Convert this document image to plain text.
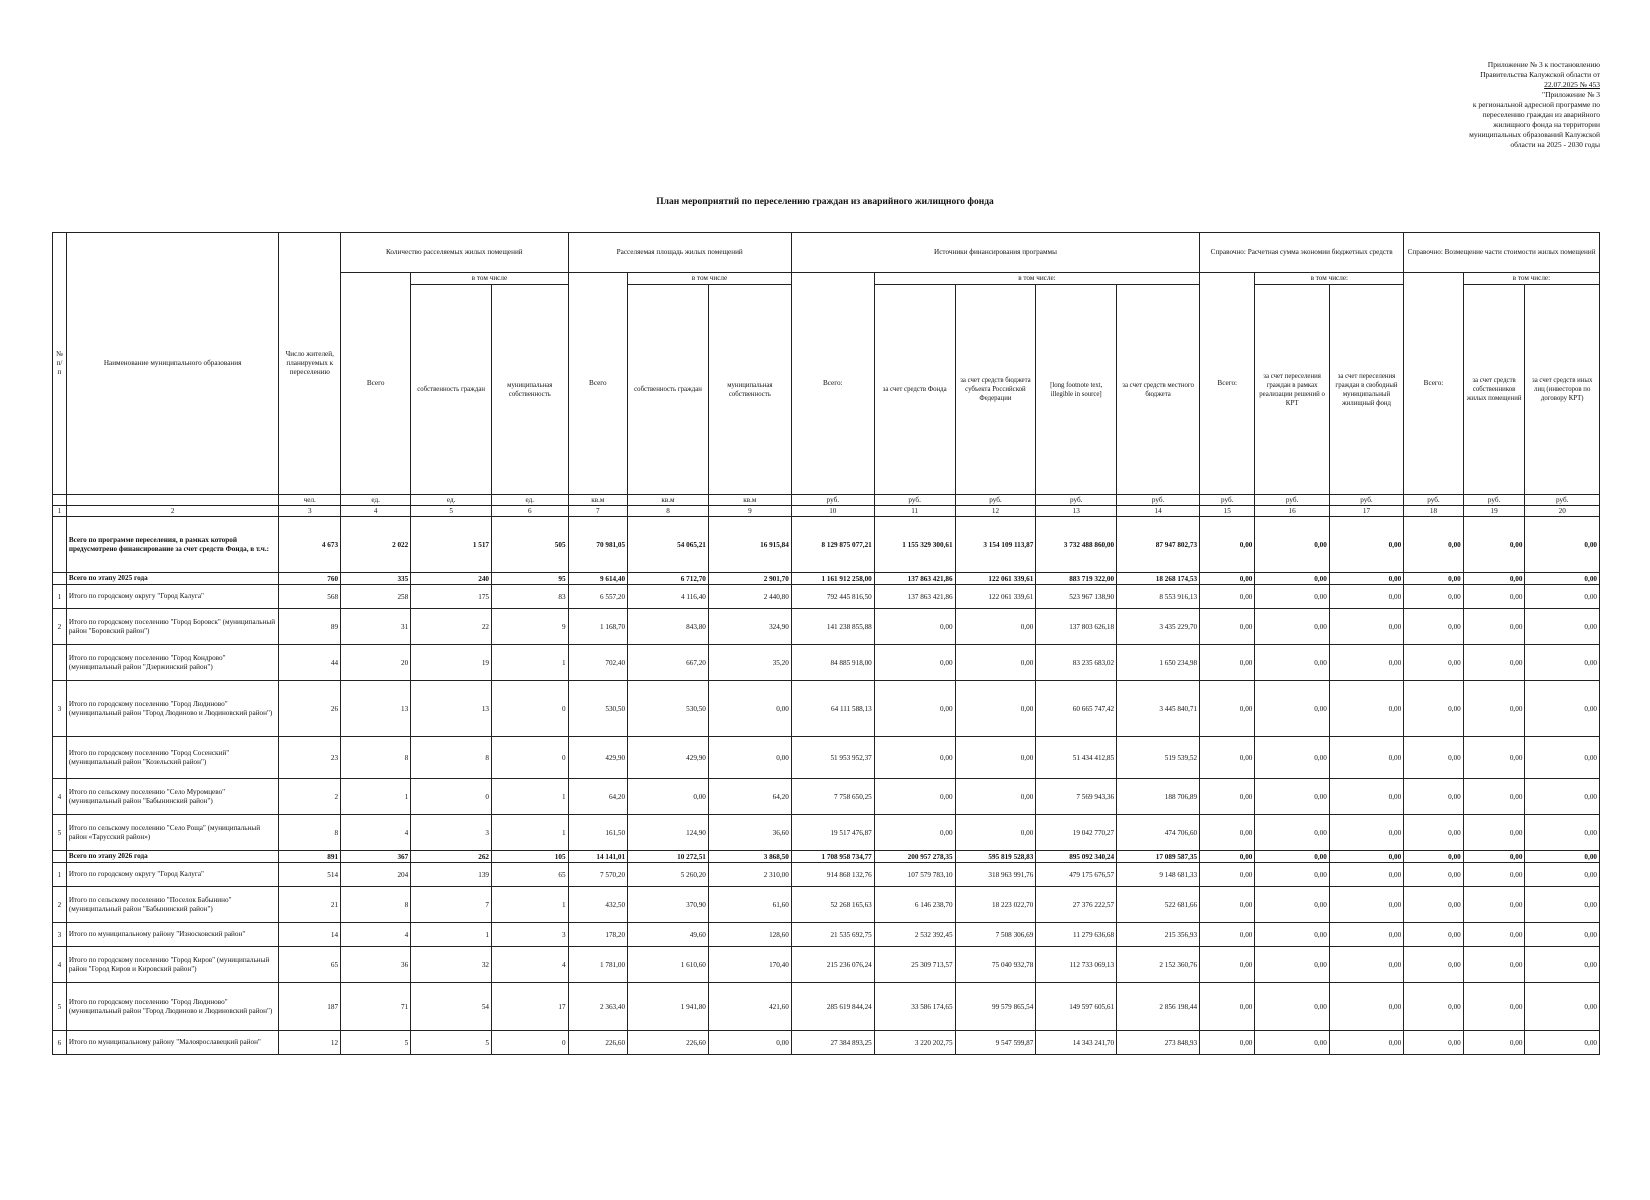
Приложение № 3 к постановлению
Правительства Калужской области от
22.07.2025 № 453
"Приложение № 3
к региональной адресной программе по
переселению граждан из аварийного
жилищного фонда на территории
муниципальных образований Калужской
области на 2025 - 2030 годы
План мероприятий по переселению граждан из аварийного жилищного фонда
№ п/п	Наименование муниципального образования	Число жителей, планируемых к переселению	Количество расселяемых жилых помещений			Расселяемая площадь жилых помещений			Источники финансирования программы					Справочно: Расчетная сумма экономии бюджетных средств			Справочно: Возмещение части стоимости жилых помещений		
			Всего	в том числе		Всего	в том числе		Всего:	в том числе:				Всего:	в том числе:		Всего:	в том числе:	
				собственность граждан	муниципальная собственность		собственность граждан	муниципальная собственность		за счет средств Фонда	за счет средств бюджета субъекта Российской Федерации	[long footnote text, illegible in source]	за счет средств местного бюджета		за счет переселения граждан в рамках реализации решений о КРТ	за счет переселения граждан в свободный муниципальный жилищный фонд		за счет средств собственников жилых помещений	за счет средств иных лиц (инвесторов по договору КРТ)
		чел.	ед.	ед.	ед.	кв.м	кв.м	кв.м	руб.	руб.	руб.	руб.	руб.	руб.	руб.	руб.	руб.	руб.	руб.
1	2	3	4	5	6	7	8	9	10	11	12	13	14	15	16	17	18	19	20
	Всего по программе переселения, в рамках которой предусмотрено финансирование за счет средств Фонда, в т.ч.:	4 673	2 022	1 517	505	70 981,05	54 065,21	16 915,84	8 129 875 077,21	1 155 329 300,61	3 154 109 113,87	3 732 488 860,00	87 947 802,73	0,00	0,00	0,00	0,00	0,00	0,00
	Всего по этапу 2025 года	760	335	240	95	9 614,40	6 712,70	2 901,70	1 161 912 258,00	137 863 421,86	122 061 339,61	883 719 322,00	18 268 174,53	0,00	0,00	0,00	0,00	0,00	0,00
1	Итого по городскому округу "Город Калуга"	568	258	175	83	6 557,20	4 116,40	2 440,80	792 445 816,50	137 863 421,86	122 061 339,61	523 967 138,90	8 553 916,13	0,00	0,00	0,00	0,00	0,00	0,00
2	Итого по городскому поселению "Город Боровск" (муниципальный район "Боровский район")	89	31	22	9	1 168,70	843,80	324,90	141 238 855,88	0,00	0,00	137 803 626,18	3 435 229,70	0,00	0,00	0,00	0,00	0,00	0,00
	Итого по городскому поселению "Город Кондрово" (муниципальный район "Дзержинский район")	44	20	19	1	702,40	667,20	35,20	84 885 918,00	0,00	0,00	83 235 683,02	1 650 234,98	0,00	0,00	0,00	0,00	0,00	0,00
3	Итого по городскому поселению "Город Людиново" (муниципальный район "Город Людиново и Людиновский район")	26	13	13	0	530,50	530,50	0,00	64 111 588,13	0,00	0,00	60 665 747,42	3 445 840,71	0,00	0,00	0,00	0,00	0,00	0,00
	Итого по городскому поселению "Город Сосенский" (муниципальный район "Козельский район")	23	8	8	0	429,90	429,90	0,00	51 953 952,37	0,00	0,00	51 434 412,85	519 539,52	0,00	0,00	0,00	0,00	0,00	0,00
4	Итого по сельскому поселению "Село Муромцево" (муниципальный район "Бабынинский район")	2	1	0	1	64,20	0,00	64,20	7 758 650,25	0,00	0,00	7 569 943,36	188 706,89	0,00	0,00	0,00	0,00	0,00	0,00
5	Итого по сельскому поселению "Село Роща" (муниципальный район «Тарусский район»)	8	4	3	1	161,50	124,90	36,60	19 517 476,87	0,00	0,00	19 042 770,27	474 706,60	0,00	0,00	0,00	0,00	0,00	0,00
	Всего по этапу 2026 года	891	367	262	105	14 141,01	10 272,51	3 868,50	1 708 958 734,77	200 957 278,35	595 819 528,83	895 092 340,24	17 089 587,35	0,00	0,00	0,00	0,00	0,00	0,00
1	Итого по городскому округу "Город Калуга"	514	204	139	65	7 570,20	5 260,20	2 310,00	914 868 132,76	107 579 783,10	318 963 991,76	479 175 676,57	9 148 681,33	0,00	0,00	0,00	0,00	0,00	0,00
2	Итого по сельскому поселению "Поселок Бабынино" (муниципальный район "Бабынинский район")	21	8	7	1	432,50	370,90	61,60	52 268 165,63	6 146 238,70	18 223 022,70	27 376 222,57	522 681,66	0,00	0,00	0,00	0,00	0,00	0,00
3	Итого по муниципальному району "Износковский район"	14	4	1	3	178,20	49,60	128,60	21 535 692,75	2 532 392,45	7 508 306,69	11 279 636,68	215 356,93	0,00	0,00	0,00	0,00	0,00	0,00
4	Итого по городскому поселению "Город Киров" (муниципальный район "Город Киров и Кировский район")	65	36	32	4	1 781,00	1 610,60	170,40	215 236 076,24	25 309 713,57	75 040 932,78	112 733 069,13	2 152 360,76	0,00	0,00	0,00	0,00	0,00	0,00
5	Итого по городскому поселению "Город Людиново" (муниципальный район "Город Людиново и Людиновский район")	187	71	54	17	2 363,40	1 941,80	421,60	285 619 844,24	33 586 174,65	99 579 865,54	149 597 605,61	2 856 198,44	0,00	0,00	0,00	0,00	0,00	0,00
6	Итого по муниципальному району "Малоярославецкий район"	12	5	5	0	226,60	226,60	0,00	27 384 893,25	3 220 202,75	9 547 599,87	14 343 241,70	273 848,93	0,00	0,00	0,00	0,00	0,00	0,00
